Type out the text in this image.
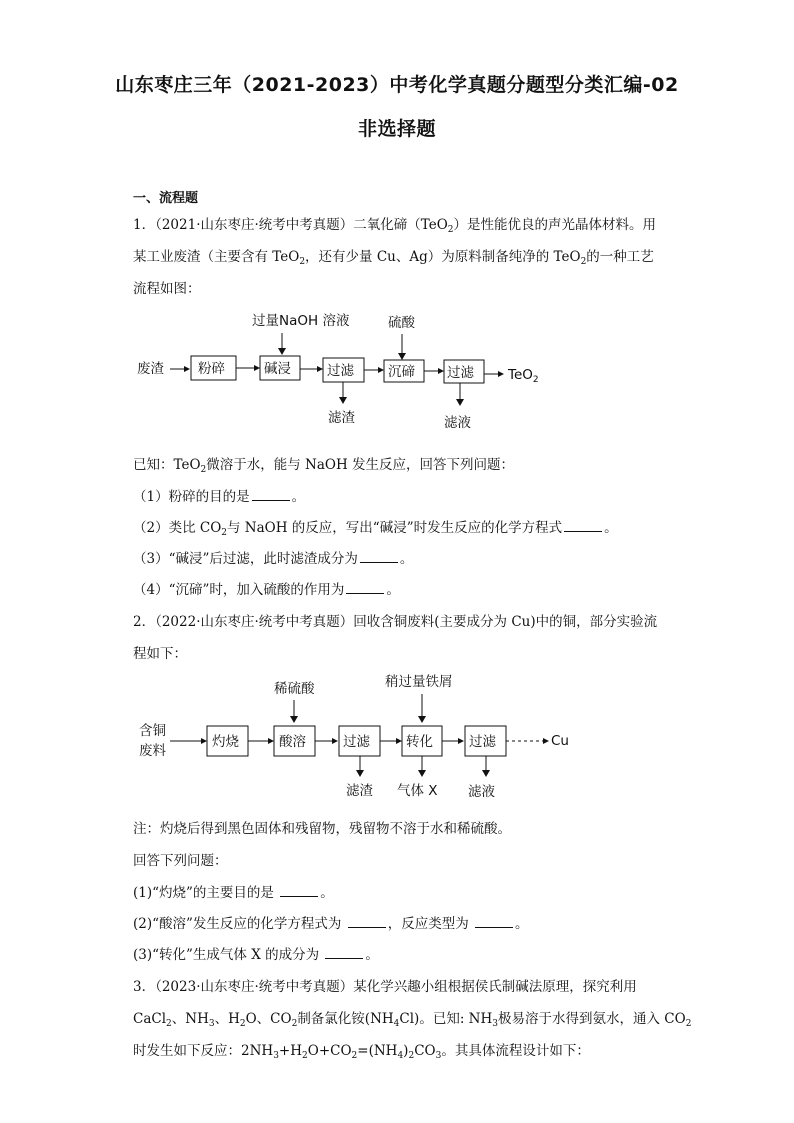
山东枣庄三年（2021-2023）中考化学真题分题型分类汇编-02
非选择题
一、流程题
1．（2021·山东枣庄·统考中考真题）二氧化碲（TeO$_2$）是性能优良的声光晶体材料。用
某工业废渣（主要含有 TeO$_2$，还有少量 Cu、Ag）为原料制备纯净的 TeO$_2$的一种工艺
流程如图：
过量NaOH 溶液	硫酸
废渣	粉碎	碱浸	过滤	沉碲 过滤	TeO$_2$
滤渣	滤液
已知：TeO$_2$微溶于水，能与 NaOH 发生反应，回答下列问题：
（1）粉碎的目的是	。
（2）类比 $CO_2$与 NaOH 的反应，写出“碱浸”时发生反应的化学方程式	。
（3）“碱浸”后过滤，此时滤渣成分为	。
（4）“沉碲”时，加入硫酸的作用为	。
2．（2022·山东枣庄·统考中考真题）回收含铜废料(主要成分为 Cu)中的铜，部分实验流
程如下：
稀硫酸	稍过量铁屑
含铜
废料
灼烧	酸溶	过滤	转化	过滤	Cu
滤渣 气体 X 滤液
注：灼烧后得到黑色固体和残留物，残留物不溶于水和稀硫酸。
回答下列问题：
(1)“灼烧”的主要目的是	。
(2)“酸溶”发生反应的化学方程式为	，反应类型为	。
(3)“转化”生成气体 X 的成分为	。
3．（2023·山东枣庄·统考中考真题）某化学兴趣小组根据侯氏制碱法原理，探究利用
CaCl$_2$、$NH_3$、$H_2O$、$CO_2$制备氯化铵$(NH_4Cl)$。已知: $NH_3$极易溶于水得到氨水，通入 $CO_2$
时发生如下反应：$2NH_3+H_2O+CO_2=(NH_4)_2CO_3$。其具体流程设计如下：
